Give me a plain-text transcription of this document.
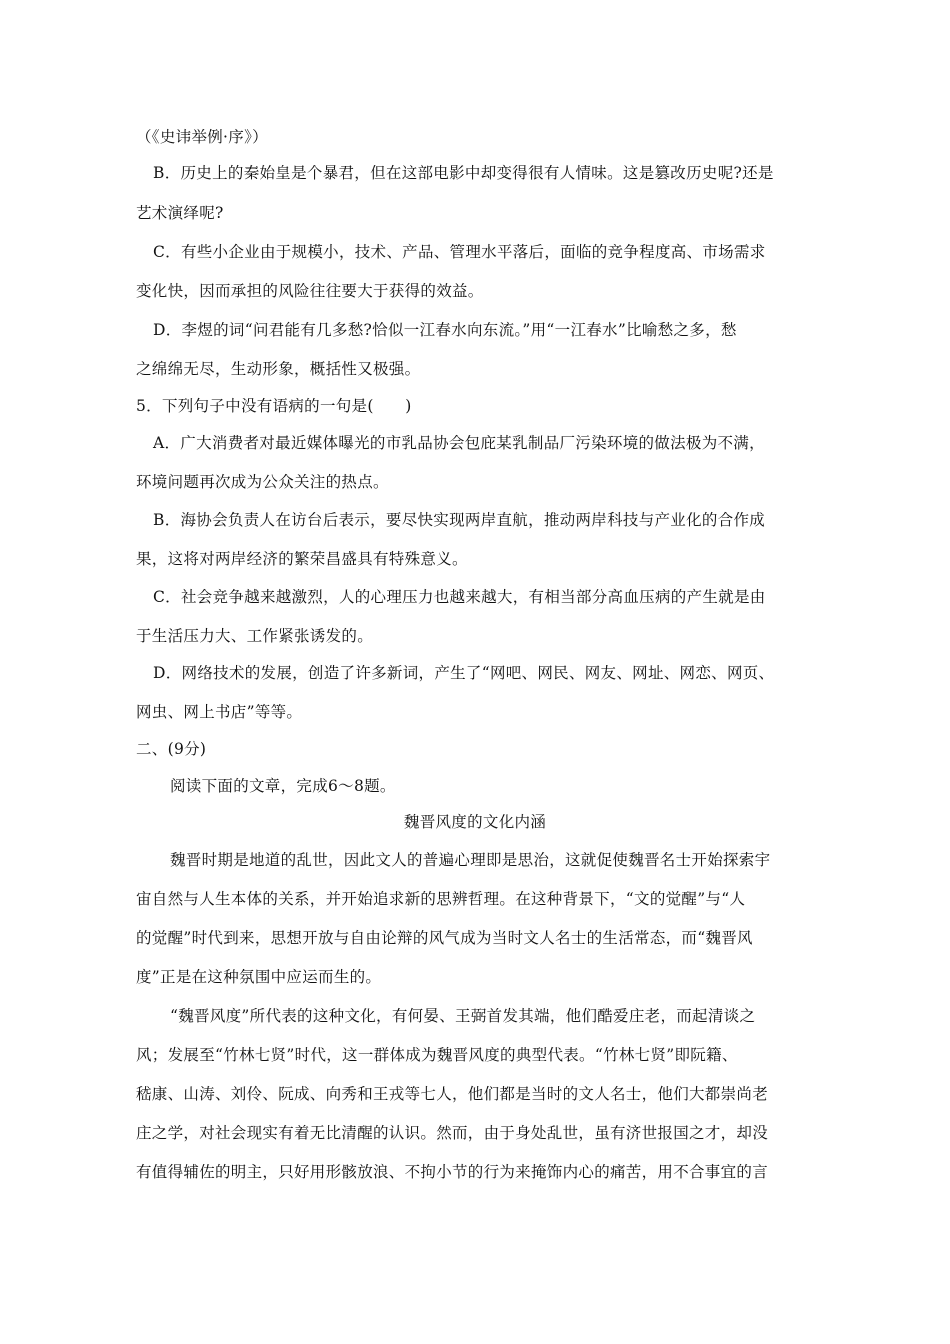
（《史讳举例·序》）
B．历史上的秦始皇是个暴君，但在这部电影中却变得很有人情味。这是篡改历史呢?还是
艺术演绎呢?
C．有些小企业由于规模小，技术、产品、管理水平落后，面临的竞争程度高、市场需求
变化快，因而承担的风险往往要大于获得的效益。
D．李煜的词“问君能有几多愁?恰似一江春水向东流。”用“一江春水”比喻愁之多，愁
之绵绵无尽，生动形象，概括性又极强。
5．下列句子中没有语病的一句是(　　)
A．广大消费者对最近媒体曝光的市乳品协会包庇某乳制品厂污染环境的做法极为不满，
环境问题再次成为公众关注的热点。
B．海协会负责人在访台后表示，要尽快实现两岸直航，推动两岸科技与产业化的合作成
果，这将对两岸经济的繁荣昌盛具有特殊意义。
C．社会竞争越来越激烈，人的心理压力也越来越大，有相当部分高血压病的产生就是由
于生活压力大、工作紧张诱发的。
D．网络技术的发展，创造了许多新词，产生了“网吧、网民、网友、网址、网恋、网页、
网虫、网上书店”等等。
二、(9分)
阅读下面的文章，完成6～8题。
魏晋风度的文化内涵
魏晋时期是地道的乱世，因此文人的普遍心理即是思治，这就促使魏晋名士开始探索宇
宙自然与人生本体的关系，并开始追求新的思辨哲理。在这种背景下，“文的觉醒”与“人
的觉醒”时代到来，思想开放与自由论辩的风气成为当时文人名士的生活常态，而“魏晋风
度”正是在这种氛围中应运而生的。
“魏晋风度”所代表的这种文化，有何晏、王弼首发其端，他们酷爱庄老，而起清谈之
风；发展至“竹林七贤”时代，这一群体成为魏晋风度的典型代表。“竹林七贤”即阮籍、
嵇康、山涛、刘伶、阮成、向秀和王戎等七人，他们都是当时的文人名士，他们大都崇尚老
庄之学，对社会现实有着无比清醒的认识。然而，由于身处乱世，虽有济世报国之才，却没
有值得辅佐的明主，只好用形骸放浪、不拘小节的行为来掩饰内心的痛苦，用不合事宜的言
